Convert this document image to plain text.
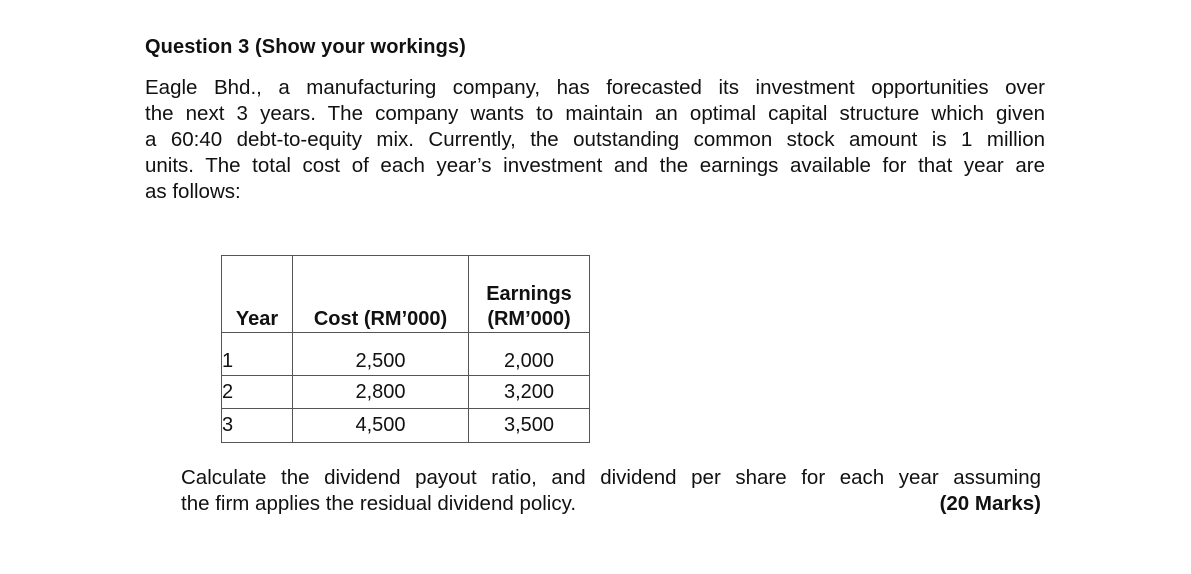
Question 3 (Show your workings)
Eagle Bhd., a manufacturing company, has forecasted its investment opportunities over
the next 3 years. The company wants to maintain an optimal capital structure which given
a 60:40 debt-to-equity mix. Currently, the outstanding common stock amount is 1 million
units. The total cost of each year’s investment and the earnings available for that year are
as follows:
Year	Cost (RM’000)	Earnings
(RM’000)

1	2,500	2,000
2	2,800	3,200
3	4,500	3,500
Calculate the dividend payout ratio, and dividend per share for each year assuming
the firm applies the residual dividend policy.	(20 Marks)
